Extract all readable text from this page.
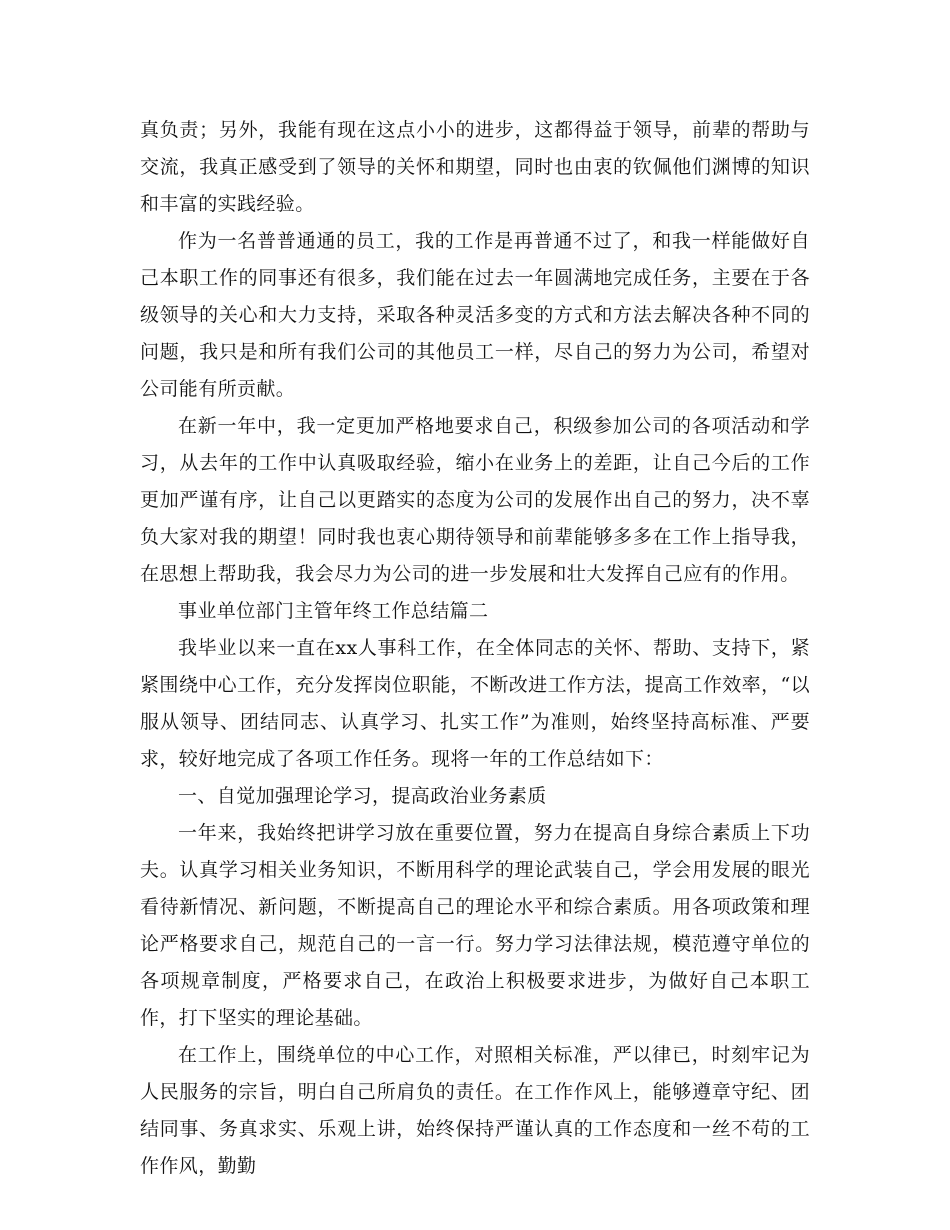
真负责；另外，我能有现在这点小小的进步，这都得益于领导，前辈的帮助与交流，我真正感受到了领导的关怀和期望，同时也由衷的钦佩他们渊博的知识和丰富的实践经验。

作为一名普普通通的员工，我的工作是再普通不过了，和我一样能做好自己本职工作的同事还有很多，我们能在过去一年圆满地完成任务，主要在于各级领导的关心和大力支持，采取各种灵活多变的方式和方法去解决各种不同的问题，我只是和所有我们公司的其他员工一样，尽自己的努力为公司，希望对公司能有所贡献。

在新一年中，我一定更加严格地要求自己，积级参加公司的各项活动和学习，从去年的工作中认真吸取经验，缩小在业务上的差距，让自己今后的工作更加严谨有序，让自己以更踏实的态度为公司的发展作出自己的努力，决不辜负大家对我的期望！同时我也衷心期待领导和前辈能够多多在工作上指导我，在思想上帮助我，我会尽力为公司的进一步发展和壮大发挥自己应有的作用。

事业单位部门主管年终工作总结篇二

我毕业以来一直在xx人事科工作，在全体同志的关怀、帮助、支持下，紧紧围绕中心工作，充分发挥岗位职能，不断改进工作方法，提高工作效率，“以服从领导、团结同志、认真学习、扎实工作”为准则，始终坚持高标准、严要求，较好地完成了各项工作任务。现将一年的工作总结如下：

一、自觉加强理论学习，提高政治业务素质

一年来，我始终把讲学习放在重要位置，努力在提高自身综合素质上下功夫。认真学习相关业务知识，不断用科学的理论武装自己，学会用发展的眼光看待新情况、新问题，不断提高自己的理论水平和综合素质。用各项政策和理论严格要求自己，规范自己的一言一行。努力学习法律法规，模范遵守单位的各项规章制度，严格要求自己，在政治上积极要求进步，为做好自己本职工作，打下坚实的理论基础。

在工作上，围绕单位的中心工作，对照相关标准，严以律已，时刻牢记为人民服务的宗旨，明白自己所肩负的责任。在工作作风上，能够遵章守纪、团结同事、务真求实、乐观上讲，始终保持严谨认真的工作态度和一丝不苟的工作作风，勤勤
